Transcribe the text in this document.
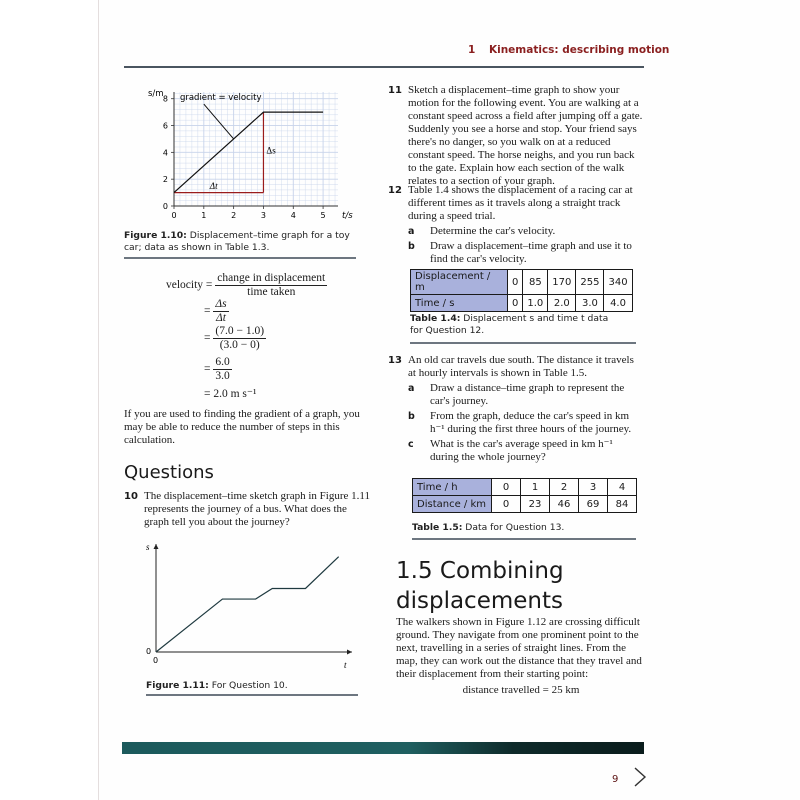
1 Kinematics: describing motion
0
2
4
6
8
0	1	2	3	4	5
s/m
t/s
gradient = velocity
Δs
Δt
Figure 1.10: Displacement–time graph for a toy car; data as shown in Table 1.3.
velocity = $\frac{\text{change in displacement}}{\text{time taken}}$
= $\frac{\Delta s}{\Delta t}$
= $\frac{(7.0 - 1.0)}{(3.0 - 0)}$
= $\frac{6.0}{3.0}$
= 2.0 m s⁻¹
If you are used to finding the gradient of a graph, you may be able to reduce the number of steps in this calculation.
Questions
10 The displacement–time sketch graph in Figure 1.11 represents the journey of a bus. What does the graph tell you about the journey?
s
t
0
0
Figure 1.11: For Question 10.
11 Sketch a displacement–time graph to show your motion for the following event. You are walking at a constant speed across a field after jumping off a gate. Suddenly you see a horse and stop. Your friend says there's no danger, so you walk on at a reduced constant speed. The horse neighs, and you run back to the gate. Explain how each section of the walk relates to a section of your graph.
12 Table 1.4 shows the displacement of a racing car at different times as it travels along a straight track during a speed trial.
a Determine the car's velocity.
b Draw a displacement–time graph and use it to find the car's velocity.
Displacement / m	0	85	170	255	340
Time / s	0	1.0	2.0	3.0	4.0
Table 1.4: Displacement s and time t data for Question 12.
13 An old car travels due south. The distance it travels at hourly intervals is shown in Table 1.5.
a Draw a distance–time graph to represent the car's journey.
b From the graph, deduce the car's speed in km h⁻¹ during the first three hours of the journey.
c What is the car's average speed in km h⁻¹ during the whole journey?
Time / h	0	1	2	3	4
Distance / km	0	23	46	69	84
Table 1.5: Data for Question 13.
1.5 Combining
displacements
The walkers shown in Figure 1.12 are crossing difficult ground. They navigate from one prominent point to the next, travelling in a series of straight lines. From the map, they can work out the distance that they travel and their displacement from their starting point:
distance travelled = 25 km
9
